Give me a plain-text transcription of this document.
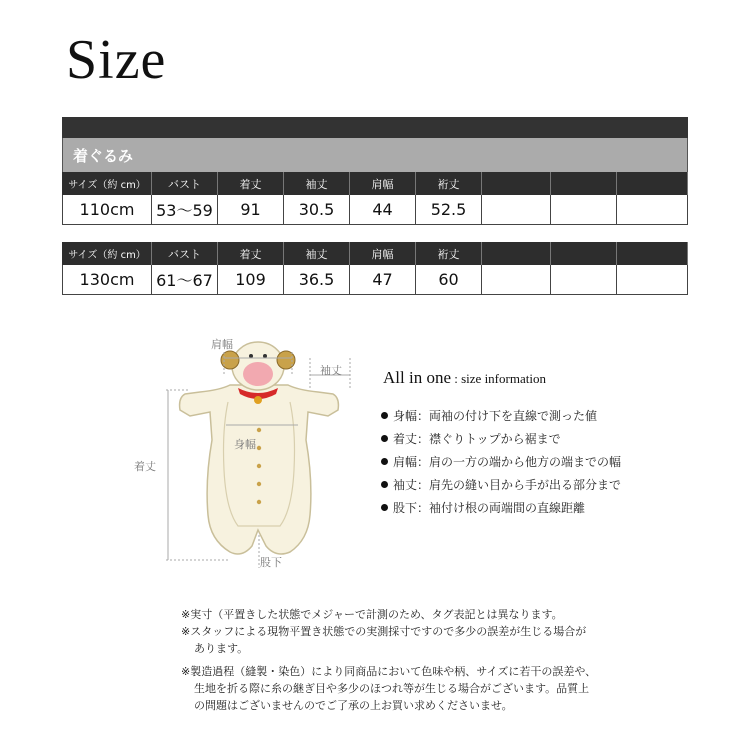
Size
着ぐるみ
サイズ（約 cm）	バスト	着丈	袖丈	肩幅	裄丈
110cm	53〜59	91	30.5	44	52.5
サイズ（約 cm）	バスト	着丈	袖丈	肩幅	裄丈
130cm	61〜67	109	36.5	47	60
肩幅
袖丈
身幅
着丈
股下
All in one : size information
身幅：両袖の付け下を直線で測った値
着丈：襟ぐりトップから裾まで
肩幅：肩の一方の端から他方の端までの幅
袖丈：肩先の縫い目から手が出る部分まで
股下：袖付け根の両端間の直線距離
※実寸（平置きした状態でメジャーで計測のため、タグ表記とは異なります。
※スタッフによる現物平置き状態での実測採寸ですので多少の誤差が生じる場合が
あります。
※製造過程（縫製・染色）により同商品において色味や柄、サイズに若干の誤差や、
生地を折る際に糸の継ぎ目や多少のほつれ等が生じる場合がございます。品質上
の問題はございませんのでご了承の上お買い求めくださいませ。
